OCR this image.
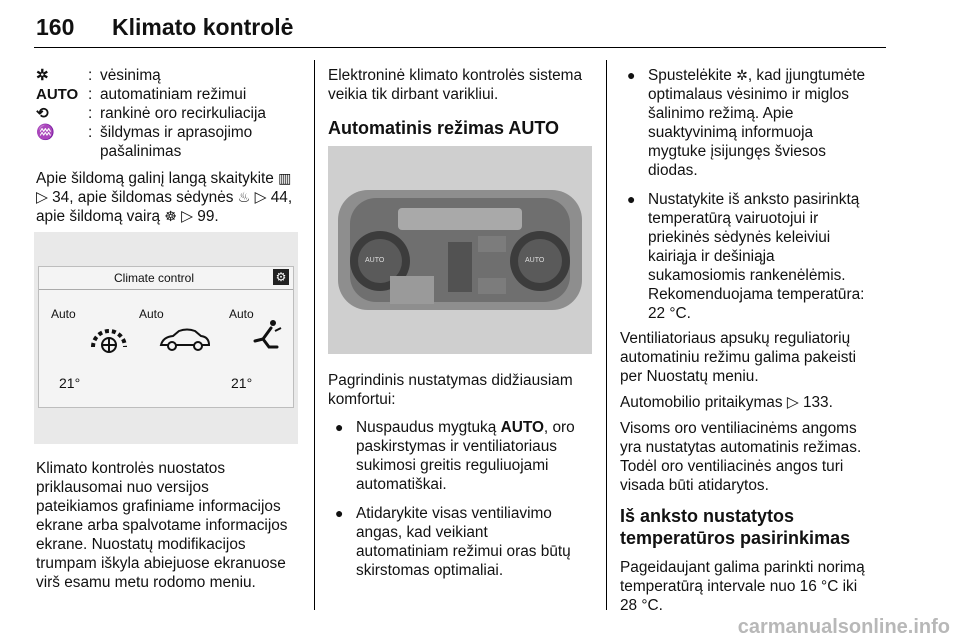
160 Klimato kontrolė
✲	: vėsinimą
AUTO : automatiniam režimui
⟲	: rankinė oro recirkuliacija
♒	: šildymas ir aprasojimo
pašalinimas
Apie šildomą galinį langą skaitykite ▥
▷ 34, apie šildomas sėdynės ♨ ▷ 44,
apie šildomą vairą ☸ ▷ 99.
Climate control	⚙
Auto	Auto	Auto
21°	21°
Klimato kontrolės nuostatos
priklausomai nuo versijos
pateikiamos grafiniame informacijos
ekrane arba spalvotame informacijos
ekrane. Nuostatų modifikacijos
trumpam iškyla abiejuose ekranuose
virš esamu metu rodomo meniu.
Elektroninė klimato kontrolės sistema
veikia tik dirbant varikliui.
Automatinis režimas AUTO
AUTO	AUTO
Pagrindinis nustatymas didžiausiam
komfortui:
● Nuspaudus mygtuką AUTO, oro
paskirstymas ir ventiliatoriaus
sukimosi greitis reguliuojami
automatiškai.
● Atidarykite visas ventiliavimo
angas, kad veikiant
automatiniam režimui oras būtų
skirstomas optimaliai.
● Spustelėkite ✲, kad įjungtumėte
optimalaus vėsinimo ir miglos
šalinimo režimą. Apie
suaktyvinimą informuoja
mygtuke įsijungęs šviesos
diodas.
● Nustatykite iš anksto pasirinktą
temperatūrą vairuotojui ir
priekinės sėdynės keleiviui
kairiąja ir dešiniąja
sukamosiomis rankenėlėmis.
Rekomenduojama temperatūra:
22 °C.
Ventiliatoriaus apsukų reguliatorių
automatiniu režimu galima pakeisti
per Nuostatų meniu.
Automobilio pritaikymas ▷ 133.
Visoms oro ventiliacinėms angoms
yra nustatytas automatinis režimas.
Todėl oro ventiliacinės angos turi
visada būti atidarytos.
Iš anksto nustatytos
temperatūros pasirinkimas
Pageidaujant galima parinkti norimą
temperatūrą intervale nuo 16 °C iki
28 °C.
carmanualsonline.info
